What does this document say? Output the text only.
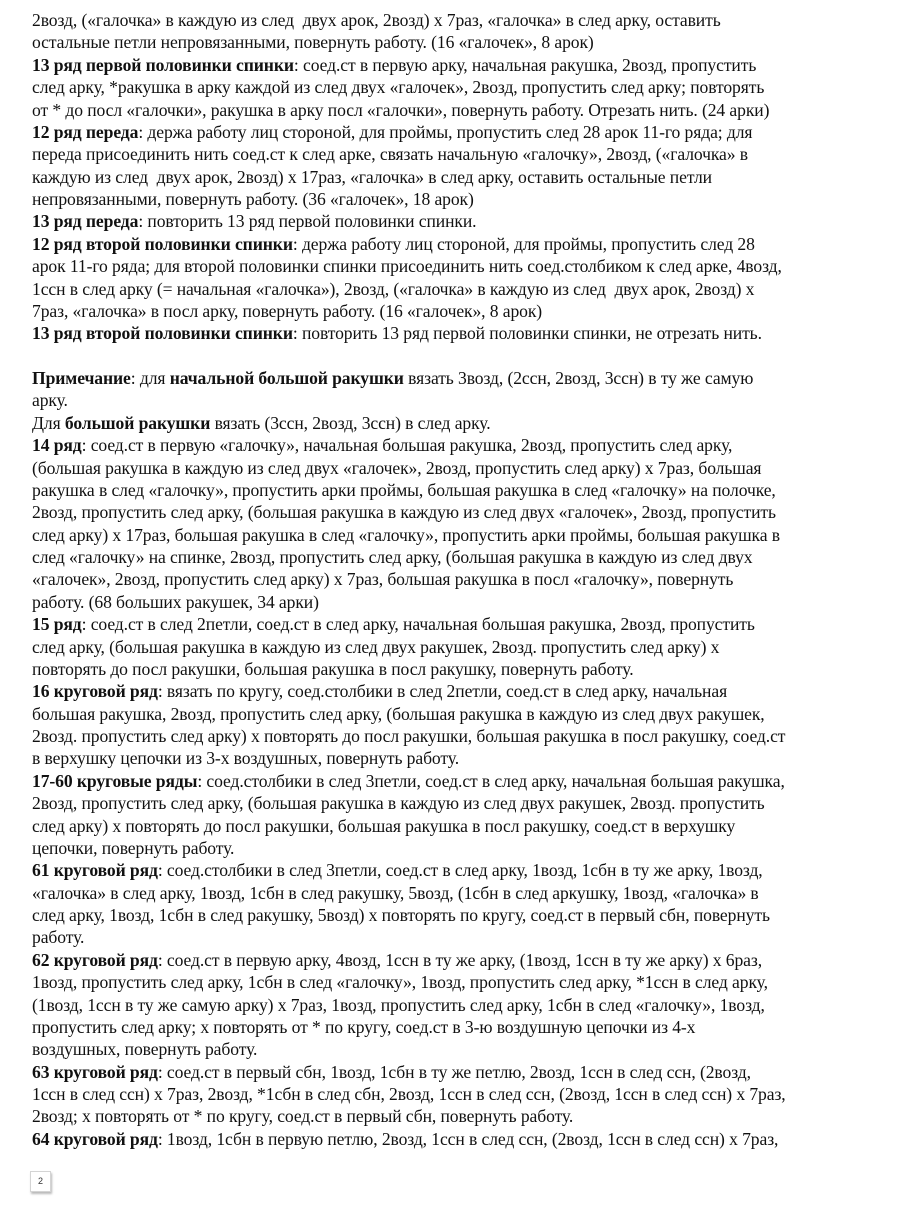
2возд, («галочка» в каждую из след  двух арок, 2возд) х 7раз, «галочка» в след арку, оставить
остальные петли непровязанными, повернуть работу. (16 «галочек», 8 арок)
13 ряд первой половинки спинки: соед.ст в первую арку, начальная ракушка, 2возд, пропустить
след арку, *ракушка в арку каждой из след двух «галочек», 2возд, пропустить след арку; повторять
от * до посл «галочки», ракушка в арку посл «галочки», повернуть работу. Отрезать нить. (24 арки)
12 ряд переда: держа работу лиц стороной, для проймы, пропустить след 28 арок 11-го ряда; для
переда присоединить нить соед.ст к след арке, связать начальную «галочку», 2возд, («галочка» в
каждую из след  двух арок, 2возд) х 17раз, «галочка» в след арку, оставить остальные петли
непровязанными, повернуть работу. (36 «галочек», 18 арок)
13 ряд переда: повторить 13 ряд первой половинки спинки.
12 ряд второй половинки спинки: держа работу лиц стороной, для проймы, пропустить след 28
арок 11-го ряда; для второй половинки спинки присоединить нить соед.столбиком к след арке, 4возд,
1ссн в след арку (= начальная «галочка»), 2возд, («галочка» в каждую из след  двух арок, 2возд) х
7раз, «галочка» в посл арку, повернуть работу. (16 «галочек», 8 арок)
13 ряд второй половинки спинки: повторить 13 ряд первой половинки спинки, не отрезать нить.
Примечание: для начальной большой ракушки вязать 3возд, (2ссн, 2возд, 3ссн) в ту же самую
арку.
Для большой ракушки вязать (3ссн, 2возд, 3ссн) в след арку.
14 ряд: соед.ст в первую «галочку», начальная большая ракушка, 2возд, пропустить след арку,
(большая ракушка в каждую из след двух «галочек», 2возд, пропустить след арку) х 7раз, большая
ракушка в след «галочку», пропустить арки проймы, большая ракушка в след «галочку» на полочке,
2возд, пропустить след арку, (большая ракушка в каждую из след двух «галочек», 2возд, пропустить
след арку) х 17раз, большая ракушка в след «галочку», пропустить арки проймы, большая ракушка в
след «галочку» на спинке, 2возд, пропустить след арку, (большая ракушка в каждую из след двух
«галочек», 2возд, пропустить след арку) х 7раз, большая ракушка в посл «галочку», повернуть
работу. (68 больших ракушек, 34 арки)
15 ряд: соед.ст в след 2петли, соед.ст в след арку, начальная большая ракушка, 2возд, пропустить
след арку, (большая ракушка в каждую из след двух ракушек, 2возд. пропустить след арку) х
повторять до посл ракушки, большая ракушка в посл ракушку, повернуть работу.
16 круговой ряд: вязать по кругу, соед.столбики в след 2петли, соед.ст в след арку, начальная
большая ракушка, 2возд, пропустить след арку, (большая ракушка в каждую из след двух ракушек,
2возд. пропустить след арку) х повторять до посл ракушки, большая ракушка в посл ракушку, соед.ст
в верхушку цепочки из 3-х воздушных, повернуть работу.
17-60 круговые ряды: соед.столбики в след 3петли, соед.ст в след арку, начальная большая ракушка,
2возд, пропустить след арку, (большая ракушка в каждую из след двух ракушек, 2возд. пропустить
след арку) х повторять до посл ракушки, большая ракушка в посл ракушку, соед.ст в верхушку
цепочки, повернуть работу.
61 круговой ряд: соед.столбики в след 3петли, соед.ст в след арку, 1возд, 1сбн в ту же арку, 1возд,
«галочка» в след арку, 1возд, 1сбн в след ракушку, 5возд, (1сбн в след аркушку, 1возд, «галочка» в
след арку, 1возд, 1сбн в след ракушку, 5возд) х повторять по кругу, соед.ст в первый сбн, повернуть
работу.
62 круговой ряд: соед.ст в первую арку, 4возд, 1ссн в ту же арку, (1возд, 1ссн в ту же арку) х 6раз,
1возд, пропустить след арку, 1сбн в след «галочку», 1возд, пропустить след арку, *1ссн в след арку,
(1возд, 1ссн в ту же самую арку) х 7раз, 1возд, пропустить след арку, 1сбн в след «галочку», 1возд,
пропустить след арку; х повторять от * по кругу, соед.ст в 3-ю воздушную цепочки из 4-х
воздушных, повернуть работу.
63 круговой ряд: соед.ст в первый сбн, 1возд, 1сбн в ту же петлю, 2возд, 1ссн в след ссн, (2возд,
1ссн в след ссн) х 7раз, 2возд, *1сбн в след сбн, 2возд, 1ссн в след ссн, (2возд, 1ссн в след ссн) х 7раз,
2возд; х повторять от * по кругу, соед.ст в первый сбн, повернуть работу.
64 круговой ряд: 1возд, 1сбн в первую петлю, 2возд, 1ссн в след ссн, (2возд, 1ссн в след ссн) х 7раз,
2
